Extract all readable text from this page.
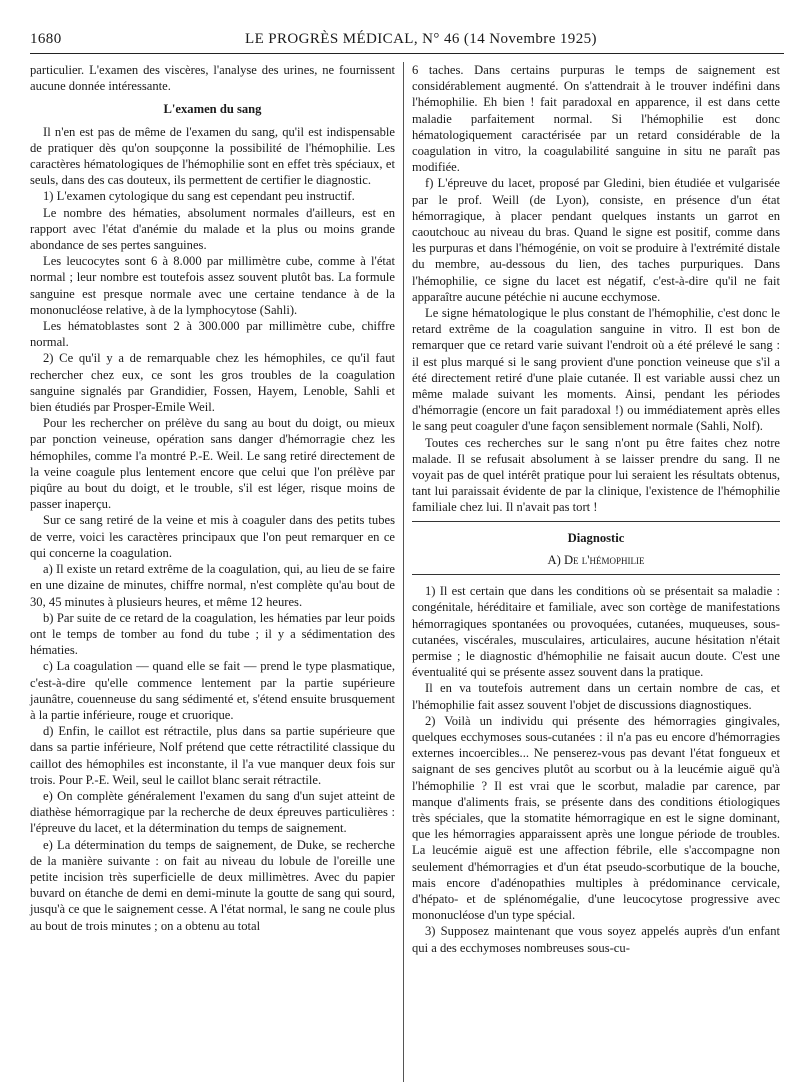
1680	LE PROGRÈS MÉDICAL, N° 46 (14 Novembre 1925)

particulier. L'examen des viscères, l'analyse des urines, ne fournissent aucune donnée intéressante.

L'examen du sang

Il n'en est pas de même de l'examen du sang, qu'il est indispensable de pratiquer dès qu'on soupçonne la possibilité de l'hémophilie. Les caractères hématologiques de l'hémophilie sont en effet très spéciaux, et seuls, dans des cas douteux, ils permettent de certifier le diagnostic.

1) L'examen cytologique du sang est cependant peu instructif.

Le nombre des hématies, absolument normales d'ailleurs, est en rapport avec l'état d'anémie du malade et la plus ou moins grande abondance de ses pertes sanguines.

Les leucocytes sont 6 à 8.000 par millimètre cube, comme à l'état normal ; leur nombre est toutefois assez souvent plutôt bas. La formule sanguine est presque normale avec une certaine tendance à de la mononucléose relative, à de la lymphocytose (Sahli).

Les hématoblastes sont 2 à 300.000 par millimètre cube, chiffre normal.

2) Ce qu'il y a de remarquable chez les hémophiles, ce qu'il faut rechercher chez eux, ce sont les gros troubles de la coagulation sanguine signalés par Grandidier, Fossen, Hayem, Lenoble, Sahli et bien étudiés par Prosper-Emile Weil.

Pour les rechercher on prélève du sang au bout du doigt, ou mieux par ponction veineuse, opération sans danger d'hémorragie chez les hémophiles, comme l'a montré P.-E. Weil. Le sang retiré directement de la veine coagule plus lentement encore que celui que l'on prélève par piqûre au bout du doigt, et le trouble, s'il est léger, risque moins de passer inaperçu.

Sur ce sang retiré de la veine et mis à coaguler dans des petits tubes de verre, voici les caractères principaux que l'on peut remarquer en ce qui concerne la coagulation.

a) Il existe un retard extrême de la coagulation, qui, au lieu de se faire en une dizaine de minutes, chiffre normal, n'est complète qu'au bout de 30, 45 minutes à plusieurs heures, et même 12 heures.

b) Par suite de ce retard de la coagulation, les hématies par leur poids ont le temps de tomber au fond du tube ; il y a sédimentation des hématies.

c) La coagulation — quand elle se fait — prend le type plasmatique, c'est-à-dire qu'elle commence lentement par la partie supérieure jaunâtre, couenneuse du sang sédimenté et, s'étend ensuite brusquement à la partie inférieure, rouge et cruorique.

d) Enfin, le caillot est rétractile, plus dans sa partie supérieure que dans sa partie inférieure, Nolf prétend que cette rétractilité classique du caillot des hémophiles est inconstante, il l'a vue manquer deux fois sur trois. Pour P.-E. Weil, seul le caillot blanc serait rétractile.

e) On complète généralement l'examen du sang d'un sujet atteint de diathèse hémorragique par la recherche de deux épreuves particulières : l'épreuve du lacet, et la détermination du temps de saignement.

e) La détermination du temps de saignement, de Duke, se recherche de la manière suivante : on fait au niveau du lobule de l'oreille une petite incision très superficielle de deux millimètres. Avec du papier buvard on étanche de demi en demi-minute la goutte de sang qui sourd, jusqu'à ce que le saignement cesse. A l'état normal, le sang ne coule plus au bout de trois minutes ; on a obtenu au total

6 taches. Dans certains purpuras le temps de saignement est considérablement augmenté. On s'attendrait à le trouver indéfini dans l'hémophilie. Eh bien ! fait paradoxal en apparence, il est dans cette maladie parfaitement normal. Si l'hémophilie est donc hématologiquement caractérisée par un retard considérable de la coagulation in vitro, la coagulabilité sanguine in situ ne paraît pas modifiée.

f) L'épreuve du lacet, proposé par Gledini, bien étudiée et vulgarisée par le prof. Weill (de Lyon), consiste, en présence d'un état hémorragique, à placer pendant quelques instants un garrot en caoutchouc au niveau du bras. Quand le signe est positif, comme dans les purpuras et dans l'hémogénie, on voit se produire à l'extrémité distale du membre, au-dessous du lien, des taches purpuriques. Dans l'hémophilie, ce signe du lacet est négatif, c'est-à-dire qu'il ne fait apparaître aucune pétéchie ni aucune ecchymose.

Le signe hématologique le plus constant de l'hémophilie, c'est donc le retard extrême de la coagulation sanguine in vitro. Il est bon de remarquer que ce retard varie suivant l'endroit où a été prélevé le sang : il est plus marqué si le sang provient d'une ponction veineuse que s'il a été directement retiré d'une plaie cutanée. Il est variable aussi chez un même malade suivant les moments. Ainsi, pendant les périodes d'hémorragie (encore un fait paradoxal !) ou immédiatement après elles le sang peut coaguler d'une façon sensiblement normale (Sahli, Nolf).

Toutes ces recherches sur le sang n'ont pu être faites chez notre malade. Il se refusait absolument à se laisser prendre du sang. Il ne voyait pas de quel intérêt pratique pour lui seraient les résultats obtenus, tant lui paraissait évidente de par la clinique, l'existence de l'hémophilie familiale chez lui. Il n'avait pas tort !

Diagnostic
A) De l'hémophilie

1) Il est certain que dans les conditions où se présentait sa maladie : congénitale, héréditaire et familiale, avec son cortège de manifestations hémorragiques spontanées ou provoquées, cutanées, muqueuses, sous-cutanées, viscérales, musculaires, articulaires, aucune hésitation n'était permise ; le diagnostic d'hémophilie ne faisait aucun doute. C'est une éventualité qui se présente assez souvent dans la pratique.

Il en va toutefois autrement dans un certain nombre de cas, et l'hémophilie fait assez souvent l'objet de discussions diagnostiques.

2) Voilà un individu qui présente des hémorragies gingivales, quelques ecchymoses sous-cutanées : il n'a pas eu encore d'hémorragies externes incoercibles... Ne penserez-vous pas devant l'état fongueux et saignant de ses gencives plutôt au scorbut ou à la leucémie aiguë qu'à l'hémophilie ? Il est vrai que le scorbut, maladie par carence, par manque d'aliments frais, se présente dans des conditions étiologiques très spéciales, que la stomatite hémorragique en est le signe dominant, que les hémorragies apparaissent après une longue période de troubles. La leucémie aiguë est une affection fébrile, elle s'accompagne non seulement d'hémorragies et d'un état pseudo-scorbutique de la bouche, mais encore d'adénopathies multiples à prédominance cervicale, d'hépato- et de splénomégalie, d'une leucocytose progressive avec mononucléose d'un type spécial.

3) Supposez maintenant que vous soyez appelés auprès d'un enfant qui a des ecchymoses nombreuses sous-cu-
